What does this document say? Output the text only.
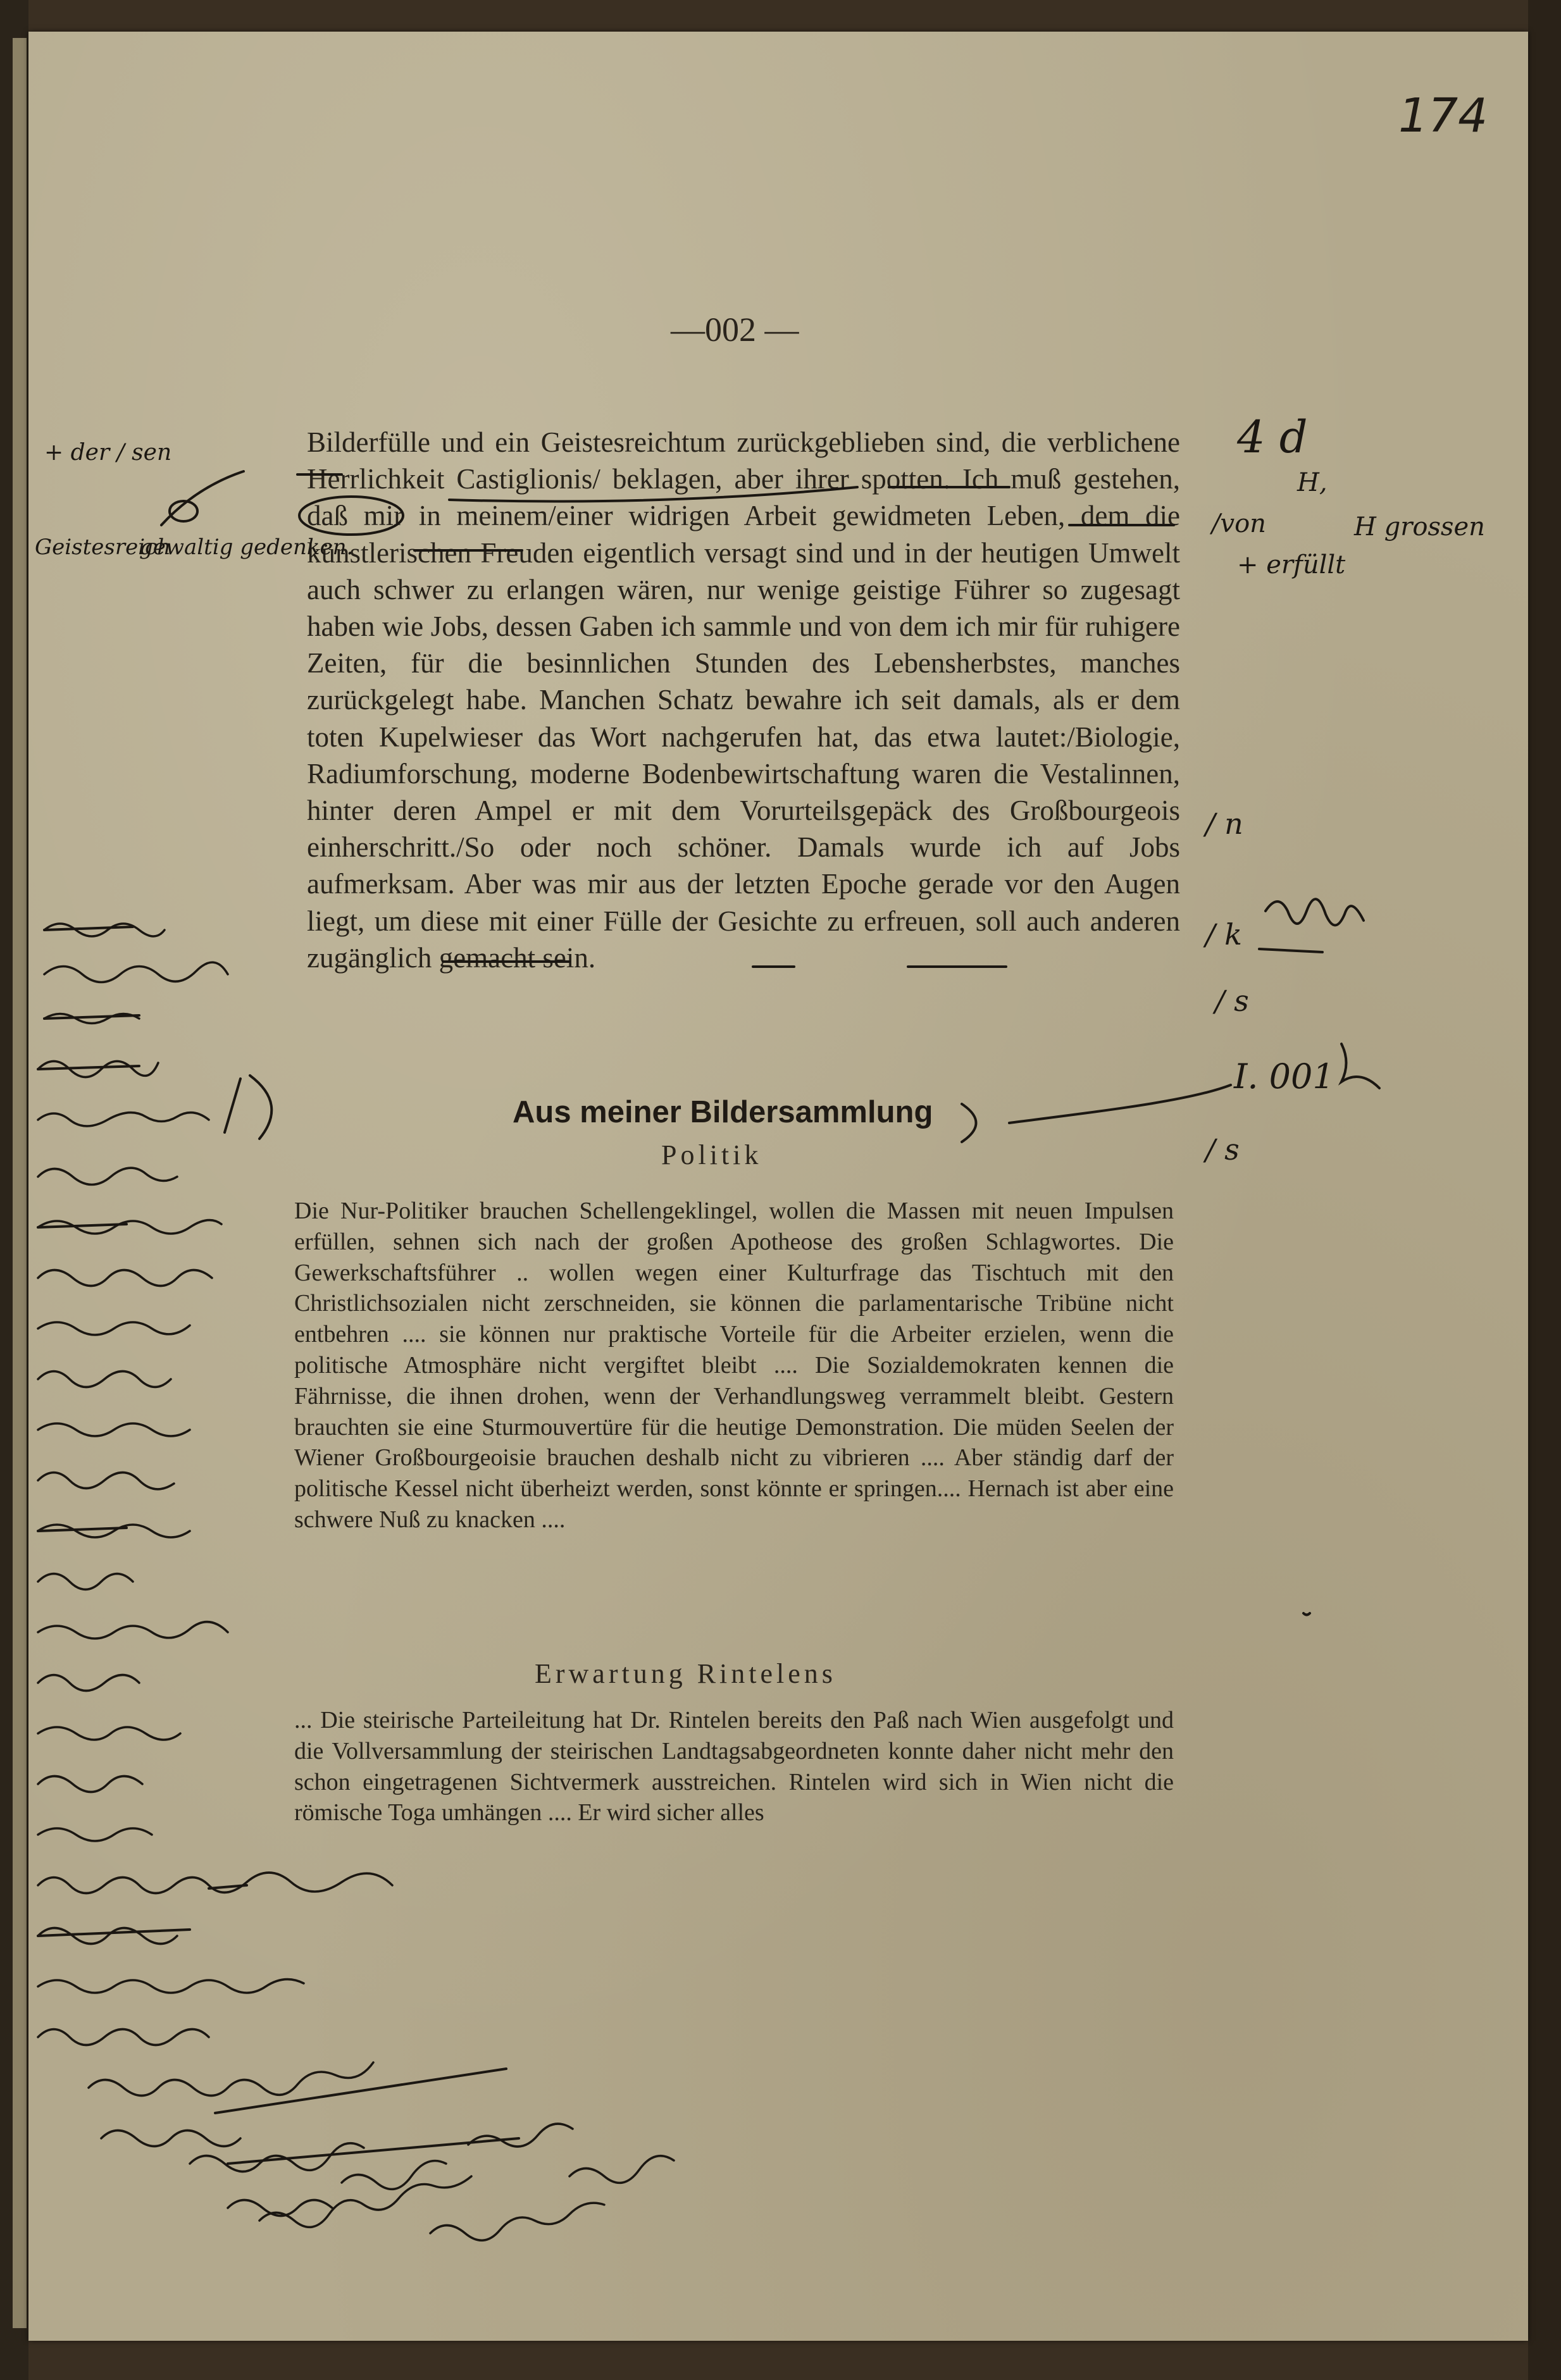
174
—002 —

Bilderfülle und ein Geistesreichtum zurückgeblieben sind, die verblichene Herrlichkeit Castiglionis/ beklagen, aber ihrer spotten. Ich muß gestehen, daß mir in meinem/einer widrigen Arbeit gewidmeten Leben, dem die künstlerischen Freuden eigentlich versagt sind und in der heutigen Umwelt auch schwer zu erlangen wären, nur wenige geistige Führer so zugesagt haben wie Jobs, dessen Gaben ich sammle und von dem ich mir für ruhigere Zeiten, für die besinnlichen Stunden des Lebensherbstes, manches zurückgelegt habe. Manchen Schatz bewahre ich seit damals, als er dem toten Kupelwieser das Wort nachgerufen hat, das etwa lautet:/Biologie, Radiumforschung, moderne Bodenbewirtschaftung waren die Vestalinnen, hinter deren Ampel er mit dem Vorurteilsgepäck des Großbourgeois einherschritt./So oder noch schöner. Damals wurde ich auf Jobs aufmerksam. Aber was mir aus der letzten Epoche gerade vor den Augen liegt, um diese mit einer Fülle der Gesichte zu erfreuen, soll auch anderen zugänglich gemacht sein.

Aus meiner Bildersammlung
Politik

Die Nur-Politiker brauchen Schellengeklingel, wollen die Massen mit neuen Impulsen erfüllen, sehnen sich nach der großen Apotheose des großen Schlagwortes. Die Gewerkschaftsführer .. wollen wegen einer Kulturfrage das Tischtuch mit den Christlichsozialen nicht zerschneiden, sie können die parlamentarische Tribüne nicht entbehren .... sie können nur praktische Vorteile für die Arbeiter erzielen, wenn die politische Atmosphäre nicht vergiftet bleibt .... Die Sozialdemokraten kennen die Fährnisse, die ihnen drohen, wenn der Verhandlungsweg verrammelt bleibt. Gestern brauchten sie eine Sturmouvertüre für die heutige Demonstration. Die müden Seelen der Wiener Großbourgeoisie brauchen deshalb nicht zu vibrieren .... Aber ständig darf der politische Kessel nicht überheizt werden, sonst könnte er springen.... Hernach ist aber eine schwere Nuß zu knacken ....

Erwartung Rintelens

... Die steirische Parteileitung hat Dr. Rintelen bereits den Paß nach Wien ausgefolgt und die Vollversammlung der steirischen Landtagsabgeordneten konnte daher nicht mehr den schon eingetragenen Sichtvermerk ausstreichen. Rintelen wird sich in Wien nicht die römische Toga umhängen .... Er wird sicher alles

4 d
H,
/von	H grossen
+ erfüllt
/ n
/ k
/ s
I. 001
/ s
+ der / sen
Geistesreich
gewaltig gedenken.
